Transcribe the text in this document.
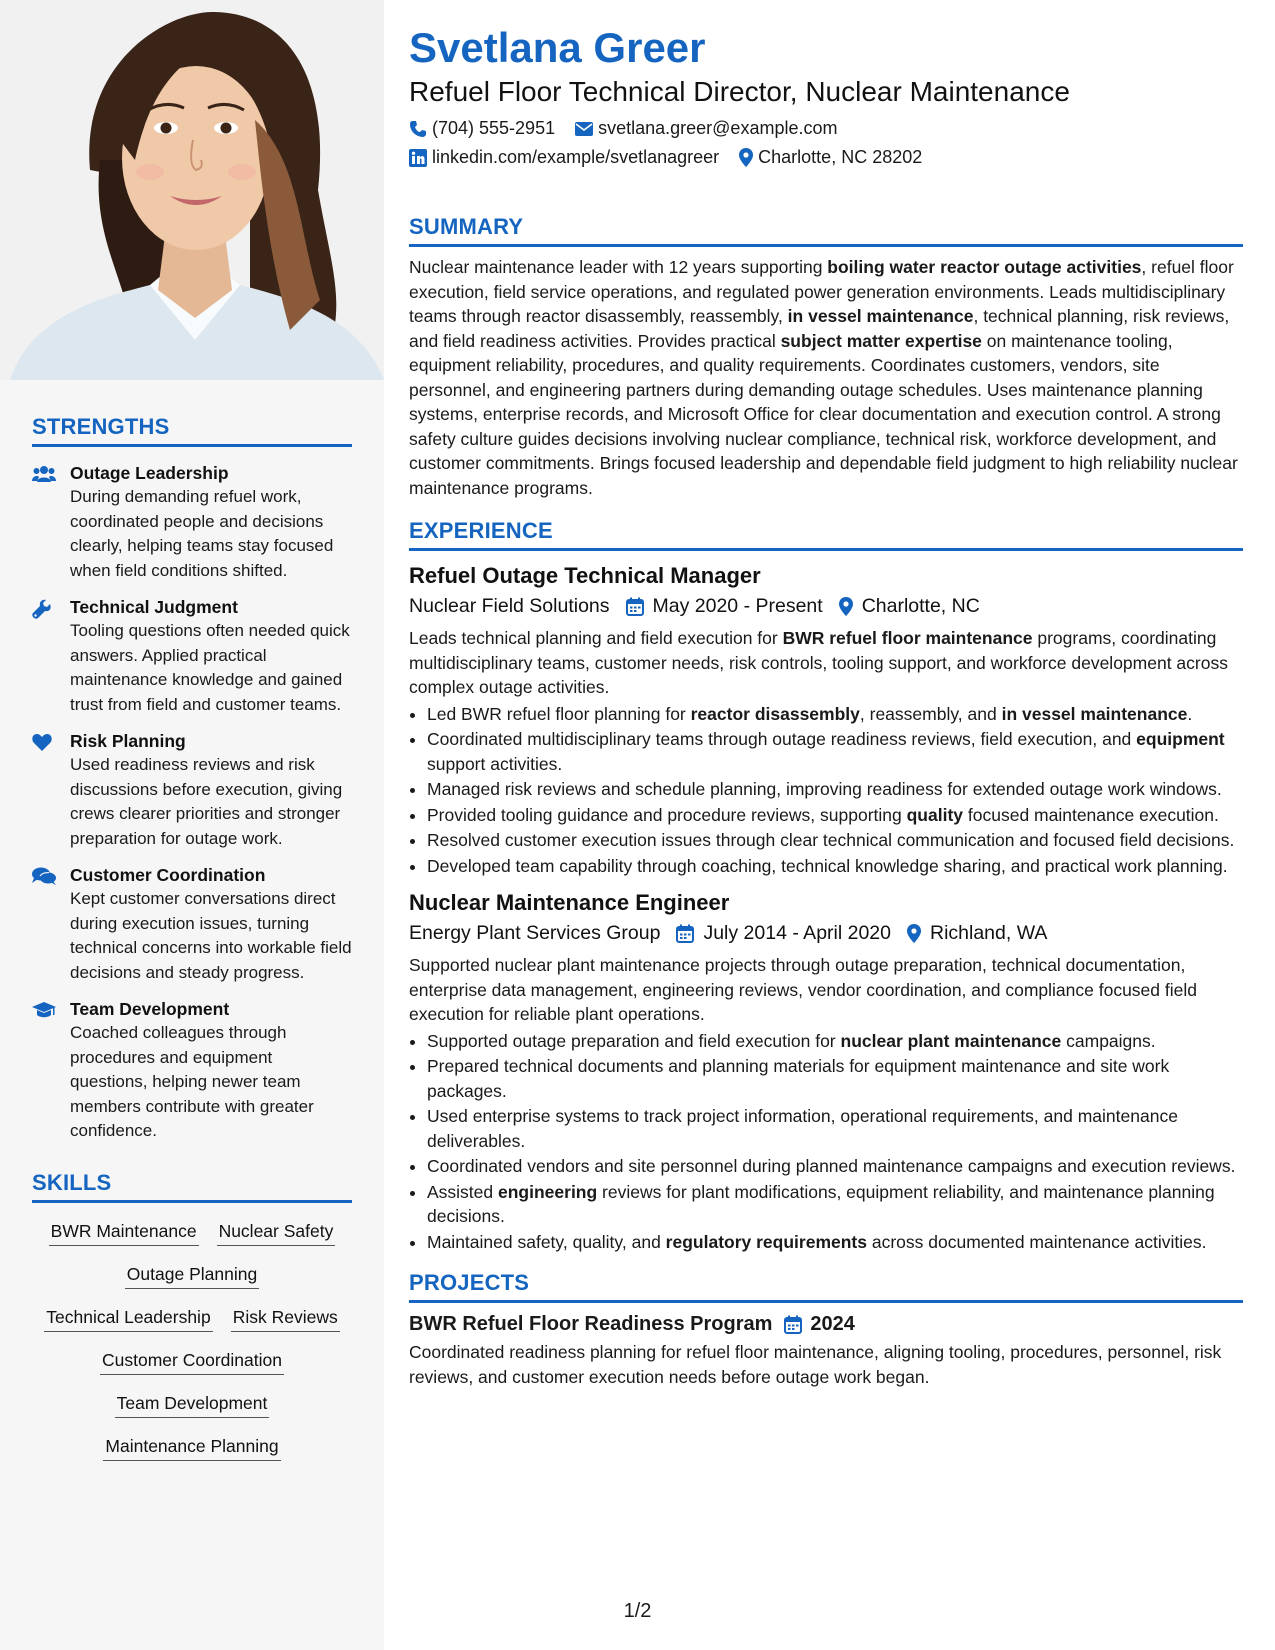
STRENGTHS
Outage Leadership
During demanding refuel work, coordinated people and decisions clearly, helping teams stay focused when field conditions shifted.
Technical Judgment
Tooling questions often needed quick answers. Applied practical maintenance knowledge and gained trust from field and customer teams.
Risk Planning
Used readiness reviews and risk discussions before execution, giving crews clearer priorities and stronger preparation for outage work.
Customer Coordination
Kept customer conversations direct during execution issues, turning technical concerns into workable field decisions and steady progress.
Team Development
Coached colleagues through procedures and equipment questions, helping newer team members contribute with greater confidence.
SKILLS
BWR Maintenance Nuclear Safety
Outage Planning
Technical Leadership Risk Reviews
Customer Coordination
Team Development
Maintenance Planning
Svetlana Greer
Refuel Floor Technical Director, Nuclear Maintenance
(704) 555-2951 svetlana.greer@example.com
linkedin.com/example/svetlanagreer Charlotte, NC 28202
SUMMARY
Nuclear maintenance leader with 12 years supporting boiling water reactor outage activities, refuel floor execution, field service operations, and regulated power generation environments. Leads multidisciplinary teams through reactor disassembly, reassembly, in vessel maintenance, technical planning, risk reviews, and field readiness activities. Provides practical subject matter expertise on maintenance tooling, equipment reliability, procedures, and quality requirements. Coordinates customers, vendors, site personnel, and engineering partners during demanding outage schedules. Uses maintenance planning systems, enterprise records, and Microsoft Office for clear documentation and execution control. A strong safety culture guides decisions involving nuclear compliance, technical risk, workforce development, and customer commitments. Brings focused leadership and dependable field judgment to high reliability nuclear maintenance programs.
EXPERIENCE
Refuel Outage Technical Manager
Nuclear Field Solutions May 2020 - Present Charlotte, NC
Leads technical planning and field execution for BWR refuel floor maintenance programs, coordinating multidisciplinary teams, customer needs, risk controls, tooling support, and workforce development across complex outage activities.
• Led BWR refuel floor planning for reactor disassembly, reassembly, and in vessel maintenance.
• Coordinated multidisciplinary teams through outage readiness reviews, field execution, and equipment support activities.
• Managed risk reviews and schedule planning, improving readiness for extended outage work windows.
• Provided tooling guidance and procedure reviews, supporting quality focused maintenance execution.
• Resolved customer execution issues through clear technical communication and focused field decisions.
• Developed team capability through coaching, technical knowledge sharing, and practical work planning.
Nuclear Maintenance Engineer
Energy Plant Services Group July 2014 - April 2020 Richland, WA
Supported nuclear plant maintenance projects through outage preparation, technical documentation, enterprise data management, engineering reviews, vendor coordination, and compliance focused field execution for reliable plant operations.
• Supported outage preparation and field execution for nuclear plant maintenance campaigns.
• Prepared technical documents and planning materials for equipment maintenance and site work packages.
• Used enterprise systems to track project information, operational requirements, and maintenance deliverables.
• Coordinated vendors and site personnel during planned maintenance campaigns and execution reviews.
• Assisted engineering reviews for plant modifications, equipment reliability, and maintenance planning decisions.
• Maintained safety, quality, and regulatory requirements across documented maintenance activities.
PROJECTS
BWR Refuel Floor Readiness Program 2024
Coordinated readiness planning for refuel floor maintenance, aligning tooling, procedures, personnel, risk reviews, and customer execution needs before outage work began.
1/2
